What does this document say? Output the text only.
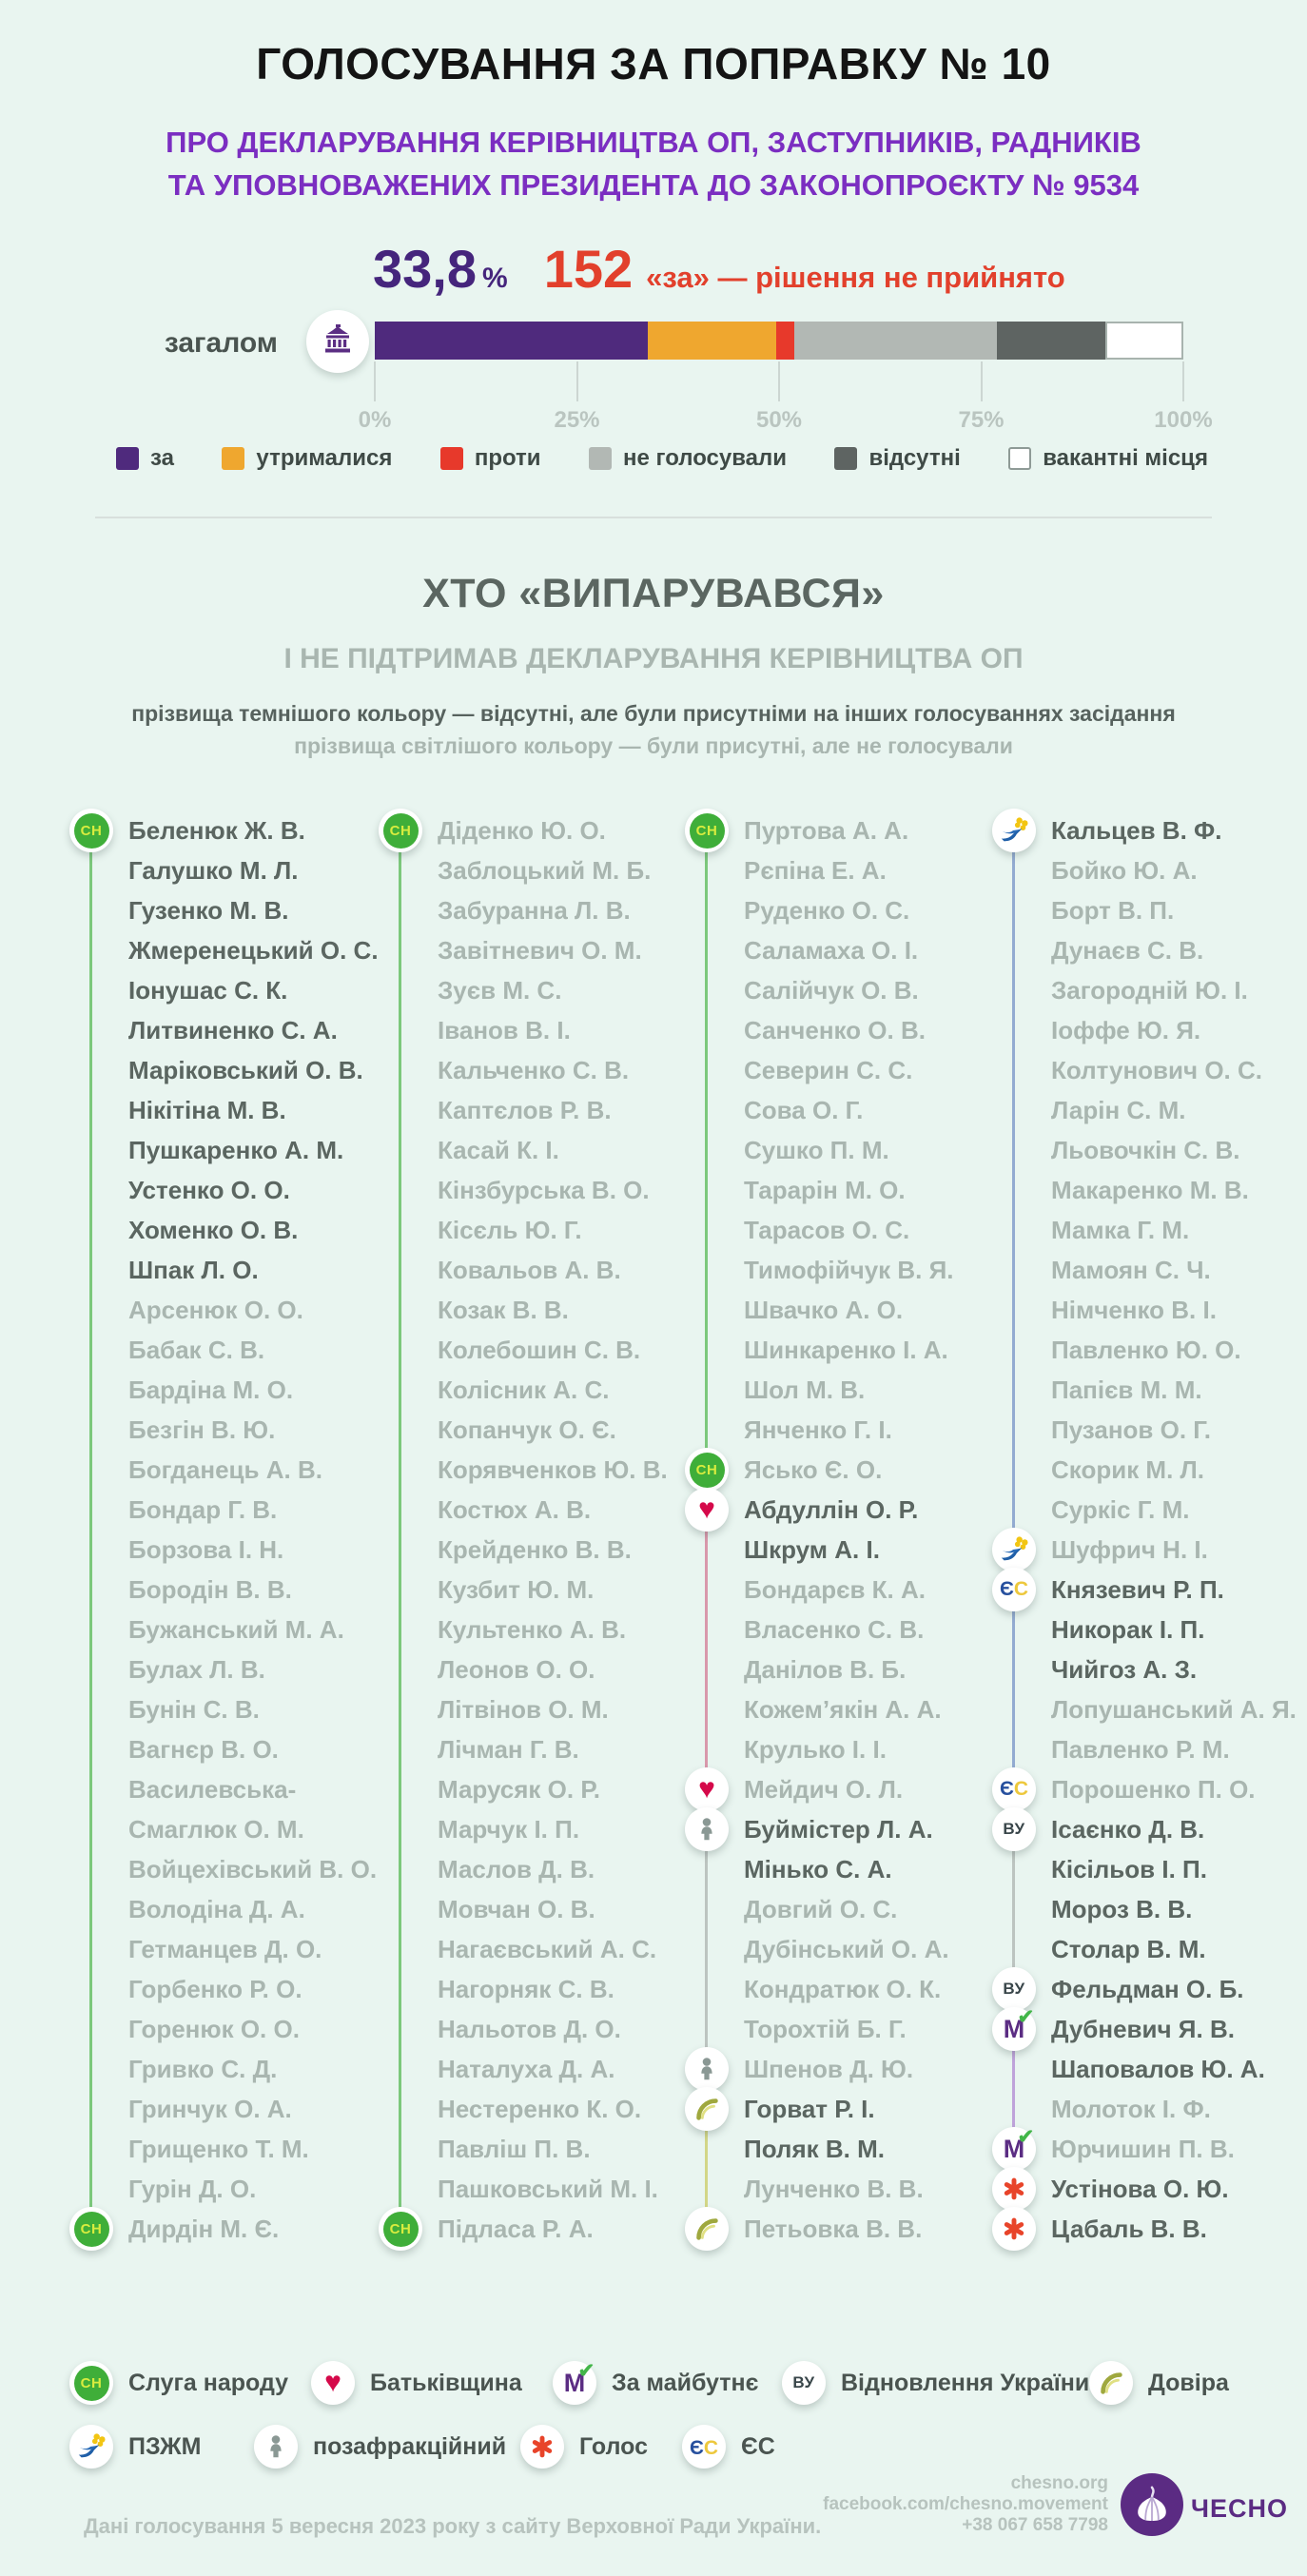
ГОЛОСУВАННЯ ЗА ПОПРАВКУ № 10
ПРО ДЕКЛАРУВАННЯ КЕРІВНИЦТВА ОП, ЗАСТУПНИКІВ, РАДНИКІВ
ТА УПОВНОВАЖЕНИХ ПРЕЗИДЕНТА ДО ЗАКОНОПРОЄКТУ № 9534
33,8 % 152 «за» — рішення не прийнято
загалом
0%	25%	50%	75%	100%
за	утрималися	проти	не голосували	відсутні	вакантні місця
ХТО «ВИПАРУВАВСЯ»
І НЕ ПІДТРИМАВ ДЕКЛАРУВАННЯ КЕРІВНИЦТВА ОП
прізвища темнішого кольору — відсутні, але були присутніми на інших голосуваннях засідання
прізвища світлішого кольору — були присутні, але не голосували
Беленюк Ж. В.
Галушко М. Л.
Гузенко М. В.
Жмеренецький О. С.
Іонушас С. К.
Литвиненко С. А.
Маріковський О. В.
Нікітіна М. В.
Пушкаренко А. М.
Устенко О. О.
Хоменко О. В.
Шпак Л. О.
Арсенюк О. О.
Бабак С. В.
Бардіна М. О.
Безгін В. Ю.
Богданець А. В.
Бондар Г. В.
Борзова І. Н.
Бородін В. В.
Бужанський М. А.
Булах Л. В.
Бунін С. В.
Вагнєр В. О.
Василевська-Смаглюк О. М.
Войцехівський В. О.
Володіна Д. А.
Гетманцев Д. О.
Горбенко Р. О.
Горенюк О. О.
Гривко С. Д.
Гринчук О. А.
Грищенко Т. М.
Гурін Д. О.
Дирдін М. Є.
СН
СН
Діденко Ю. О.
Заблоцький М. Б.
Забуранна Л. В.
Завітневич О. М.
Зуєв М. С.
Іванов В. І.
Кальченко С. В.
Каптєлов Р. В.
Касай К. І.
Кінзбурська В. О.
Кісєль Ю. Г.
Ковальов А. В.
Козак В. В.
Колебошин С. В.
Колісник А. С.
Копанчук О. Є.
Корявченков Ю. В.
Костюх А. В.
Крейденко В. В.
Кузбит Ю. М.
Культенко А. В.
Леонов О. О.
Літвінов О. М.
Лічман Г. В.
Марусяк О. Р.
Марчук І. П.
Маслов Д. В.
Мовчан О. В.
Нагаєвський А. С.
Нагорняк С. В.
Нальотов Д. О.
Наталуха Д. А.
Нестеренко К. О.
Павліш П. В.
Пашковський М. І.
Підласа Р. А.
СН
СН
Пуртова А. А.
Рєпіна Е. А.
Руденко О. С.
Саламаха О. І.
Салійчук О. В.
Санченко О. В.
Северин С. С.
Сова О. Г.
Сушко П. М.
Тарарін М. О.
Тарасов О. С.
Тимофійчук В. Я.
Швачко А. О.
Шинкаренко І. А.
Шол М. В.
Янченко Г. І.
Ясько Є. О.
Абдуллін О. Р.
Шкрум А. І.
Бондарєв К. А.
Власенко С. В.
Данілов В. Б.
Кожем’якін А. А.
Крулько І. І.
Мейдич О. Л.
Буймістер Л. А.
Мінько С. А.
Довгий О. С.
Дубінський О. А.
Кондратюк О. К.
Торохтій Б. Г.
Шпенов Д. Ю.
Горват Р. І.
Поляк В. М.
Лунченко В. В.
Петьовка В. В.
СН
СН
♥
♥
Кальцев В. Ф.
Бойко Ю. А.
Борт В. П.
Дунаєв С. В.
Загородній Ю. І.
Іоффе Ю. Я.
Колтунович О. С.
Ларін С. М.
Льовочкін С. В.
Макаренко М. В.
Мамка Г. М.
Мамоян С. Ч.
Німченко В. І.
Павленко Ю. О.
Папієв М. М.
Пузанов О. Г.
Скорик М. Л.
Суркіс Г. М.
Шуфрич Н. І.
Князевич Р. П.
Никорак І. П.
Чийгоз А. З.
Лопушанський А. Я.
Павленко Р. М.
Порошенко П. О.
Ісаєнко Д. В.
Кісільов І. П.
Мороз В. В.
Столар В. М.
Фельдман О. Б.
Дубневич Я. В.
Шаповалов Ю. А.
Молоток І. Ф.
Юрчишин П. В.
Устінова О. Ю.
Цабаль В. В.
ЄС
ЄС
ВУ
ВУ
М
✔
М
✔
СН Слуга народу ♥ Батьківщина М
✔ За майбутнє ВУ Відновлення України Довіра
ПЗЖМ	позафракційний	Голос ЄС ЄС
Дані голосування 5 вересня 2023 року з сайту Верховної Ради України.
chesno.org
facebook.com/chesno.movement
+38 067 658 7798
ЧЕСНО
